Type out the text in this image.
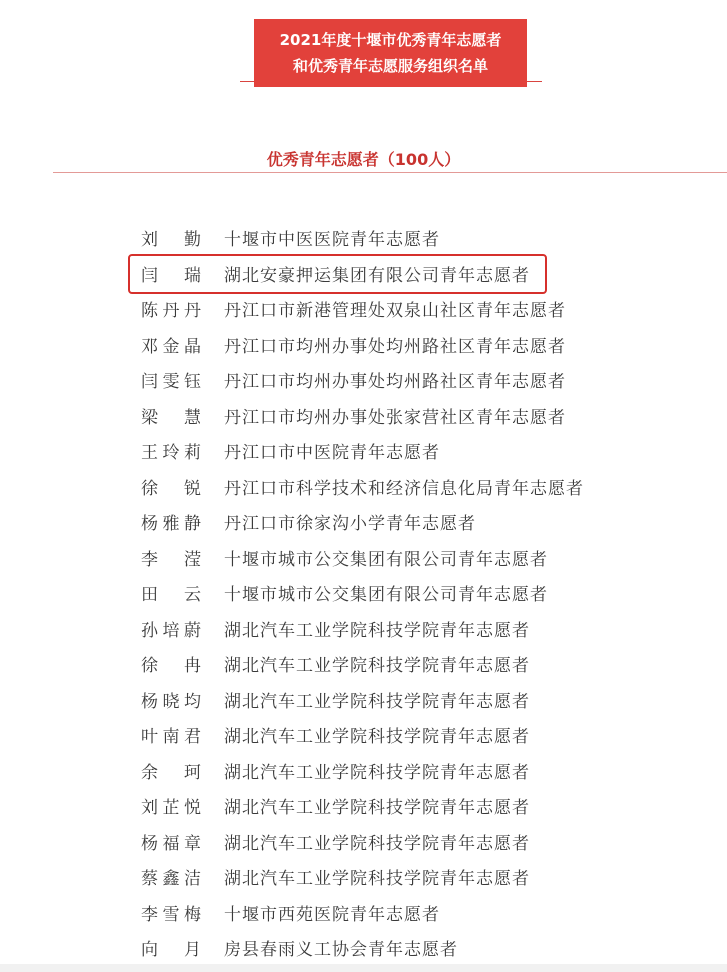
2021年度十堰市优秀青年志愿者
和优秀青年志愿服务组织名单
优秀青年志愿者（100人）
刘 勤 十堰市中医医院青年志愿者
闫 瑞 湖北安豪押运集团有限公司青年志愿者
陈丹丹 丹江口市新港管理处双泉山社区青年志愿者
邓金晶 丹江口市均州办事处均州路社区青年志愿者
闫雯钰 丹江口市均州办事处均州路社区青年志愿者
梁 慧 丹江口市均州办事处张家营社区青年志愿者
王玲莉 丹江口市中医院青年志愿者
徐 锐 丹江口市科学技术和经济信息化局青年志愿者
杨雅静 丹江口市徐家沟小学青年志愿者
李 滢 十堰市城市公交集团有限公司青年志愿者
田 云 十堰市城市公交集团有限公司青年志愿者
孙培蔚 湖北汽车工业学院科技学院青年志愿者
徐 冉 湖北汽车工业学院科技学院青年志愿者
杨晓均 湖北汽车工业学院科技学院青年志愿者
叶南君 湖北汽车工业学院科技学院青年志愿者
余 珂 湖北汽车工业学院科技学院青年志愿者
刘芷悦 湖北汽车工业学院科技学院青年志愿者
杨福章 湖北汽车工业学院科技学院青年志愿者
蔡鑫洁 湖北汽车工业学院科技学院青年志愿者
李雪梅 十堰市西苑医院青年志愿者
向 月 房县春雨义工协会青年志愿者
